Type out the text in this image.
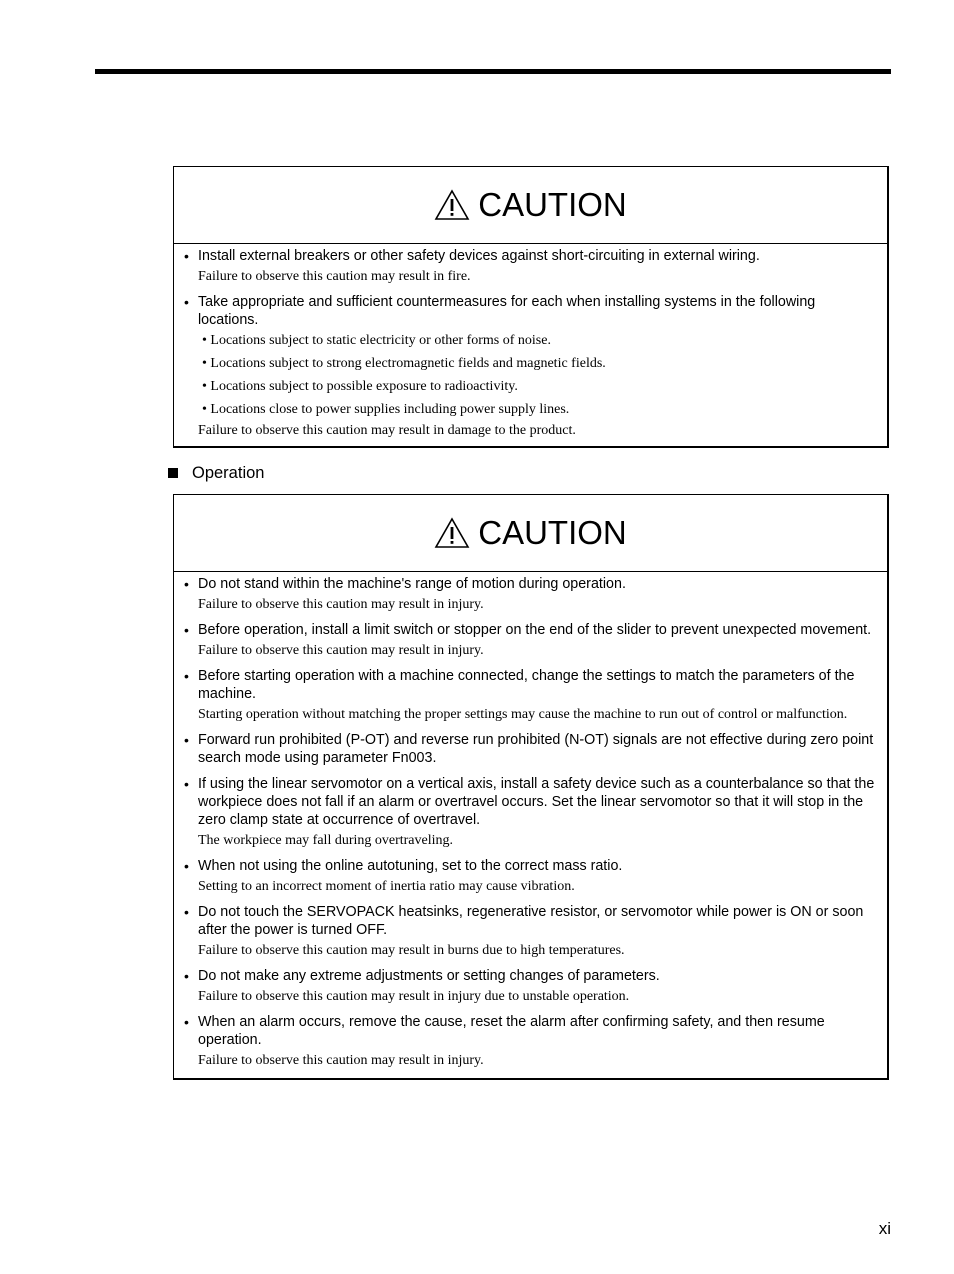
CAUTION
• Install external breakers or other safety devices against short-circuiting in external wiring.
Failure to observe this caution may result in fire.
• Take appropriate and sufficient countermeasures for each when installing systems in the following locations.
• Locations subject to static electricity or other forms of noise.
• Locations subject to strong electromagnetic fields and magnetic fields.
• Locations subject to possible exposure to radioactivity.
• Locations close to power supplies including power supply lines.
Failure to observe this caution may result in damage to the product.
Operation
CAUTION
• Do not stand within the machine's range of motion during operation.
Failure to observe this caution may result in injury.
• Before operation, install a limit switch or stopper on the end of the slider to prevent unexpected movement.
Failure to observe this caution may result in injury.
• Before starting operation with a machine connected, change the settings to match the parameters of the machine.
Starting operation without matching the proper settings may cause the machine to run out of control or malfunction.
• Forward run prohibited (P-OT) and reverse run prohibited (N-OT) signals are not effective during zero point search mode using parameter Fn003.
• If using the linear servomotor on a vertical axis, install a safety device such as a counterbalance so that the workpiece does not fall if an alarm or overtravel occurs. Set the linear servomotor so that it will stop in the zero clamp state at occurrence of overtravel.
The workpiece may fall during overtraveling.
• When not using the online autotuning, set to the correct mass ratio.
Setting to an incorrect moment of inertia ratio may cause vibration.
• Do not touch the SERVOPACK heatsinks, regenerative resistor, or servomotor while power is ON or soon after the power is turned OFF.
Failure to observe this caution may result in burns due to high temperatures.
• Do not make any extreme adjustments or setting changes of parameters.
Failure to observe this caution may result in injury due to unstable operation.
• When an alarm occurs, remove the cause, reset the alarm after confirming safety, and then resume operation.
Failure to observe this caution may result in injury.
xi
